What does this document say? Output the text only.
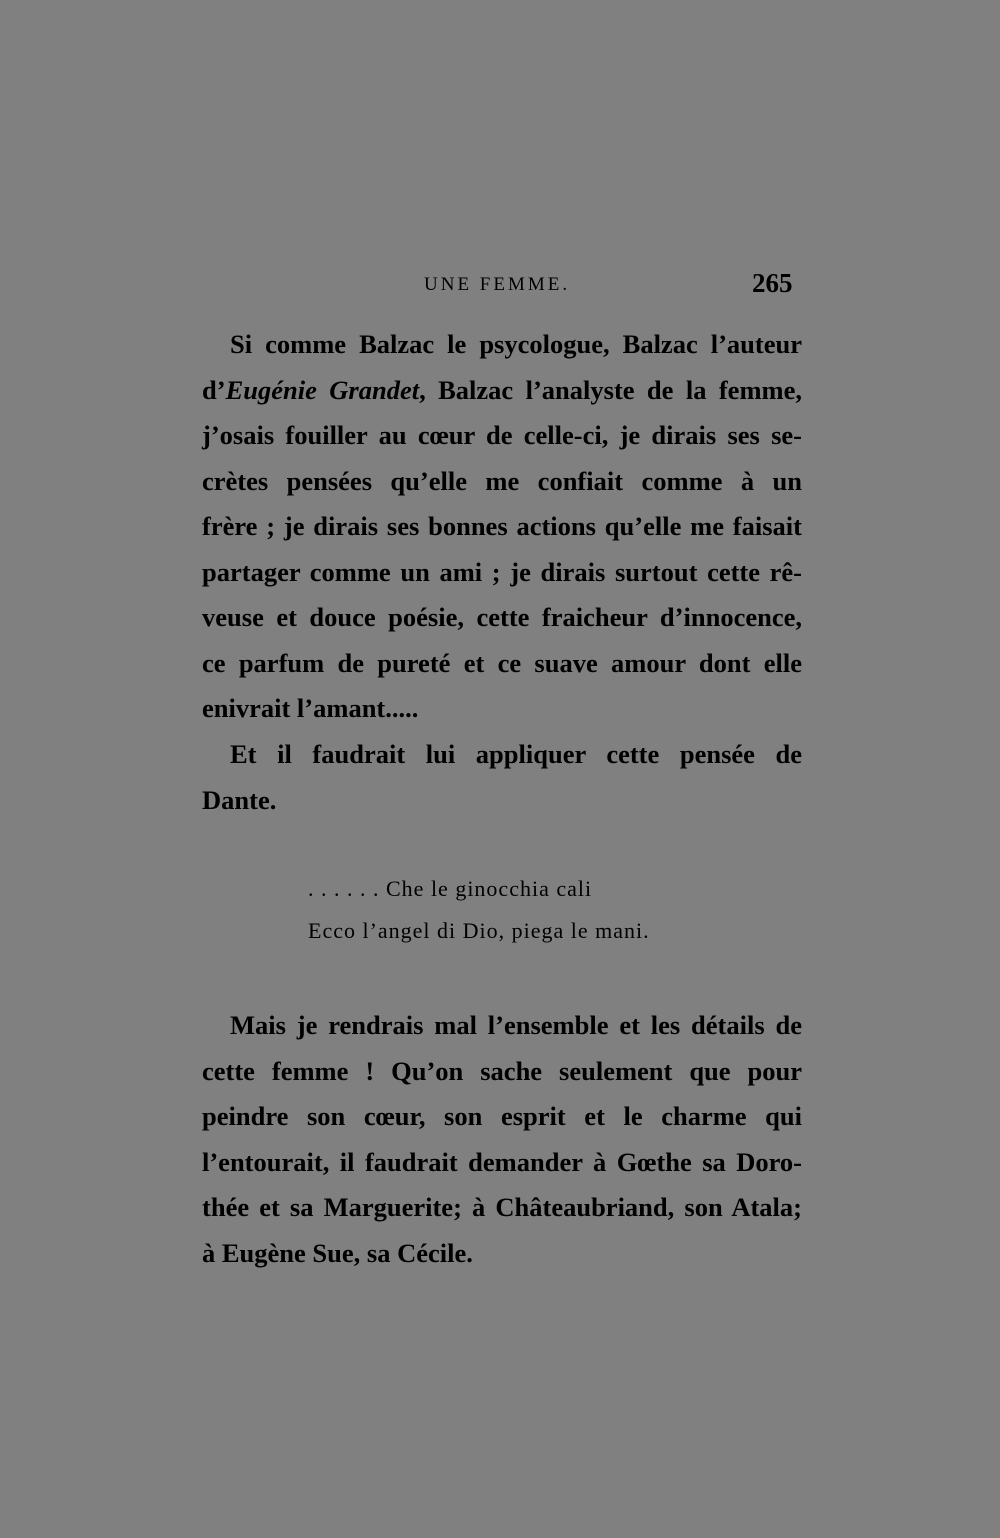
UNE FEMME.	265
Si comme Balzac le psycologue, Balzac l’auteur
d’Eugénie Grandet, Balzac l’analyste de la femme,
j’osais fouiller au cœur de celle-ci, je dirais ses se-
crètes pensées qu’elle me confiait comme à un
frère ; je dirais ses bonnes actions qu’elle me faisait
partager comme un ami ; je dirais surtout cette rê-
veuse et douce poésie, cette fraicheur d’innocence,
ce parfum de pureté et ce suave amour dont elle
enivrait l’amant.....
Et il faudrait lui appliquer cette pensée de
Dante.
. . . . . . Che le ginocchia cali
Ecco l’angel di Dio, piega le mani.
Mais je rendrais mal l’ensemble et les détails de
cette femme ! Qu’on sache seulement que pour
peindre son cœur, son esprit et le charme qui
l’entourait, il faudrait demander à Gœthe sa Doro-
thée et sa Marguerite; à Châteaubriand, son Atala;
à Eugène Sue, sa Cécile.
